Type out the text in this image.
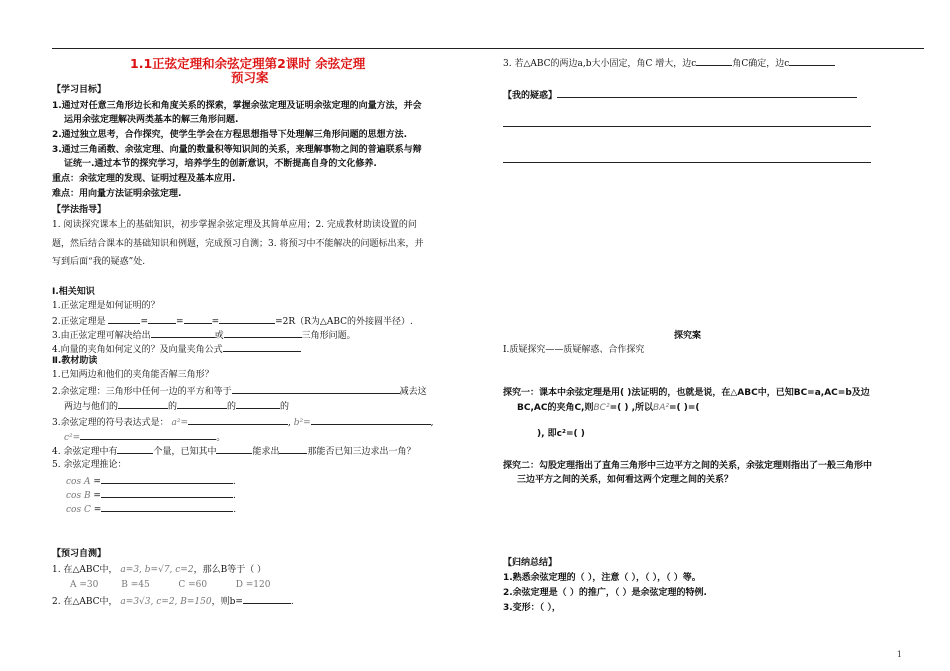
1.1正弦定理和余弦定理第2课时 余弦定理
预习案
【学习目标】
1.通过对任意三角形边长和角度关系的探索，掌握余弦定理及证明余弦定理的向量方法，并会
运用余弦定理解决两类基本的解三角形问题.
2.通过独立思考，合作探究，使学生学会在方程思想指导下处理解三角形问题的思想方法.
3.通过三角函数、余弦定理、向量的数量积等知识间的关系，来理解事物之间的普遍联系与辩
证统一.通过本节的探究学习，培养学生的创新意识，不断提高自身的文化修养.
重点：余弦定理的发现、证明过程及基本应用.
难点：用向量方法证明余弦定理.
【学法指导】
1. 阅读探究课本上的基础知识，初步掌握余弦定理及其简单应用；2. 完成教材助读设置的问
题，然后结合课本的基础知识和例题，完成预习自测；3. 将预习中不能解决的问题标出来，并
写到后面“我的疑惑”处.
Ⅰ.相关知识
1.正弦定理是如何证明的？
2.正弦定理是	=	=	=	=2R（R为△ABC的外接圆半径）.
3.由正弦定理可解决给出	或	三角形问题。
4.向量的夹角如何定义的？及向量夹角公式
Ⅱ.教材助读
1.已知两边和他们的夹角能否解三角形？
2.余弦定理：三角形中任何一边的平方和等于	减去这
两边与他们的	的	的	的
3.余弦定理的符号表达式是： a²=	, b²=	,
c²=	。
4. 余弦定理中有	个量，已知其中	能求出	那能否已知三边求出一角？
5. 余弦定理推论：
cos A =	.
cos B =	.
cos C =	.
【预习自测】
1. 在△ABC中， a=3, b=√7, c=2，那么B等于（ ）
A =30	B =45	C =60	D =120
2. 在△ABC中， a=3√3, c=2, B=150，则b=	.
3. 若△ABC的两边a,b大小固定，角C 增大，边c	角C确定，边c
【我的疑惑】
探究案
Ⅰ.质疑探究——质疑解惑、合作探究
探究一：课本中余弦定理是用( )法证明的，也就是说，在△ABC中，已知BC=a,AC=b及边
BC,AC的夹角C,则BC²=( ) ,所以BA²=( )=(
), 即c²=( )
探究二：勾股定理指出了直角三角形中三边平方之间的关系，余弦定理则指出了一般三角形中
三边平方之间的关系，如何看这两个定理之间的关系？
【归纳总结】
1.熟悉余弦定理的（ ），注意（ ），（ ），（ ）等。
2.余弦定理是（ ）的推广，（ ）是余弦定理的特例.
3.变形：（ ），
1
